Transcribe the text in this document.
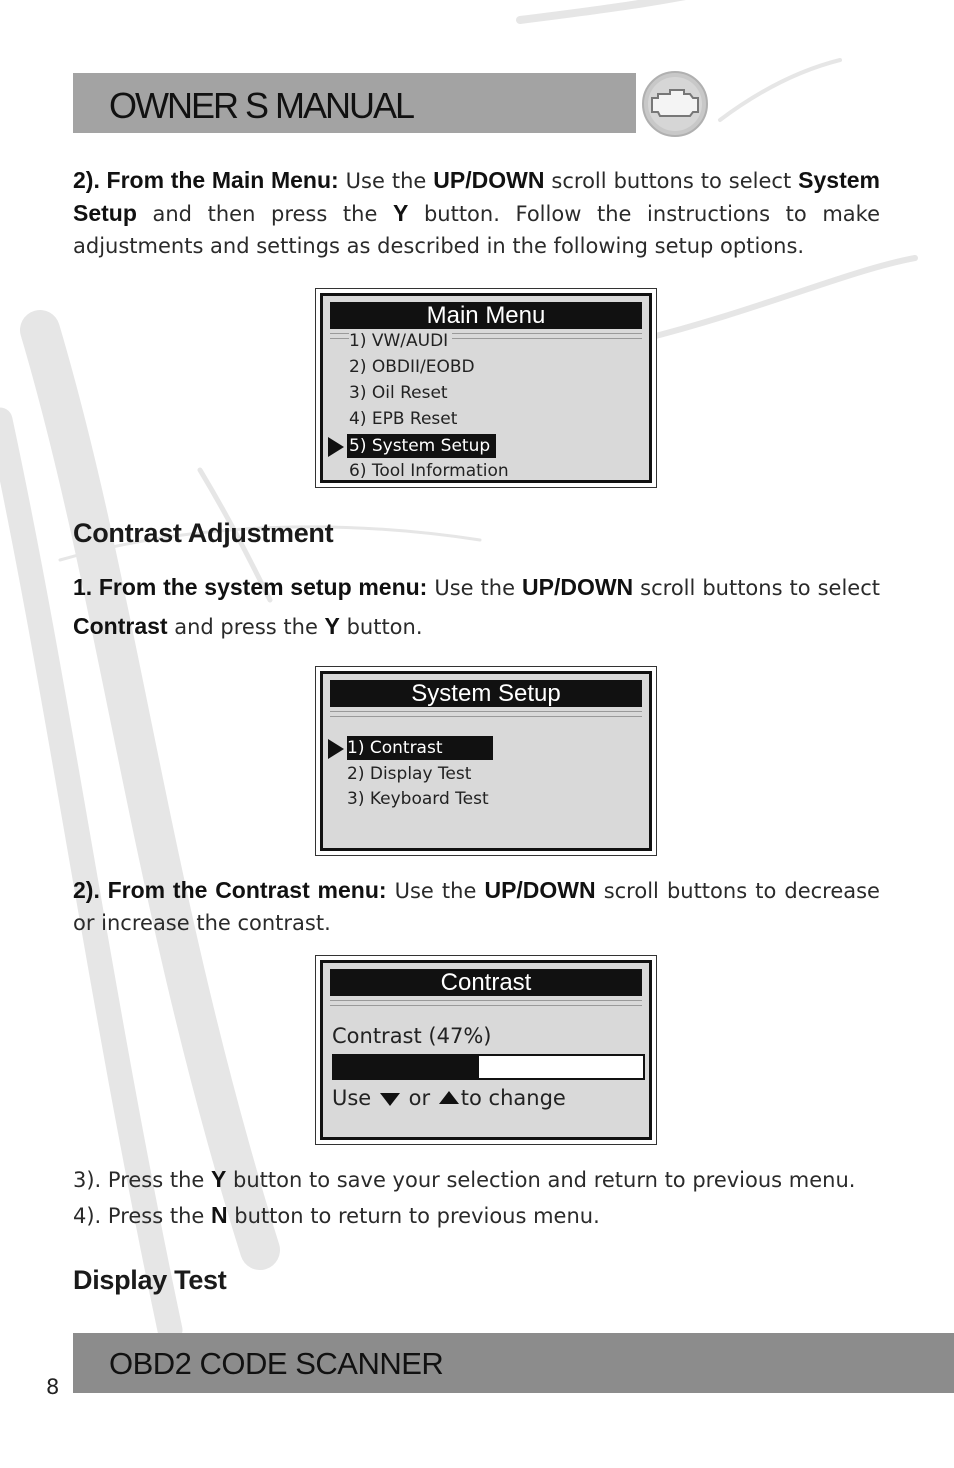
OWNER S MANUAL
2). From the Main Menu: Use the UP/DOWN scroll buttons to select System Setup and then press the Y button. Follow the instructions to make adjustments and settings as described in the following setup options.
Main Menu
1) VW/AUDI
2) OBDII/EOBD
3) Oil Reset
4) EPB Reset
5) System Setup
6) Tool Information
Contrast Adjustment
1. From the system setup menu: Use the UP/DOWN scroll buttons to select Contrast and press the Y button.
System Setup
1) Contrast
2) Display Test
3) Keyboard Test
2). From the Contrast menu: Use the UP/DOWN scroll buttons to decrease or increase the contrast.
Contrast
Contrast (47%)
Use or to change
3). Press the Y button to save your selection and return to previous menu.
4). Press the N button to return to previous menu.
Display Test
OBD2 CODE SCANNER
8
